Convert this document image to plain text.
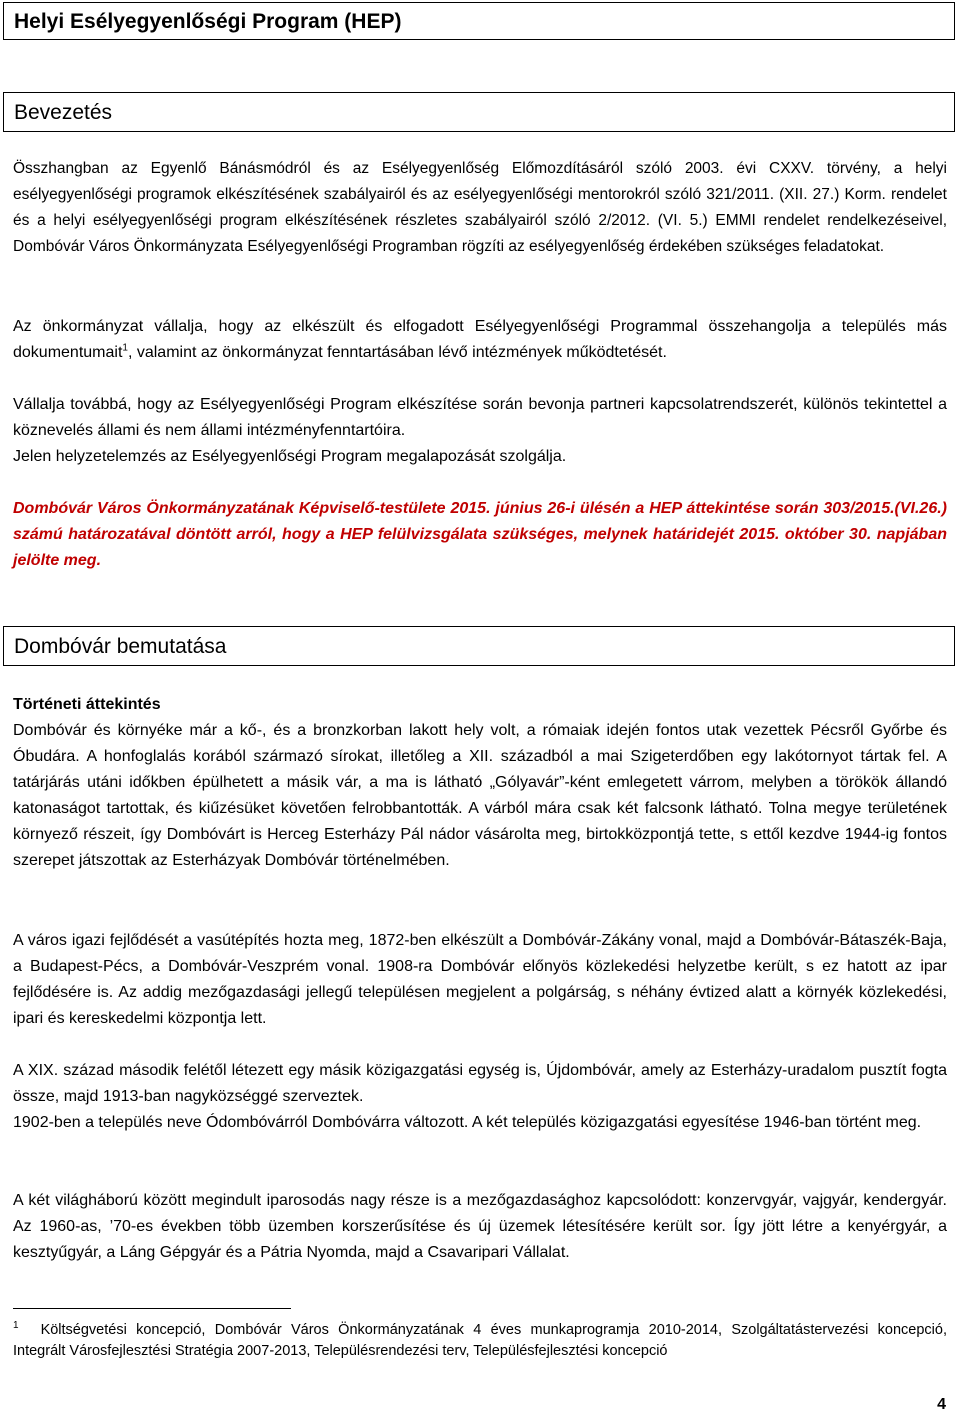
Helyi Esélyegyenlőségi Program (HEP)
Bevezetés

Összhangban az Egyenlő Bánásmódról és az Esélyegyenlőség Előmozdításáról szóló 2003. évi CXXV. törvény, a helyi esélyegyenlőségi programok elkészítésének szabályairól és az esélyegyenlőségi mentorokról szóló 321/2011. (XII. 27.) Korm. rendelet és a helyi esélyegyenlőségi program elkészítésének részletes szabályairól szóló 2/2012. (VI. 5.) EMMI rendelet rendelkezéseivel, Dombóvár Város Önkormányzata Esélyegyenlőségi Programban rögzíti az esélyegyenlőség érdekében szükséges feladatokat.

Az önkormányzat vállalja, hogy az elkészült és elfogadott Esélyegyenlőségi Programmal összehangolja a település más dokumentumait$^1$, valamint az önkormányzat fenntartásában lévő intézmények működtetését.

Vállalja továbbá, hogy az Esélyegyenlőségi Program elkészítése során bevonja partneri kapcsolatrendszerét, különös tekintettel a köznevelés állami és nem állami intézményfenntartóira.

Jelen helyzetelemzés az Esélyegyenlőségi Program megalapozását szolgálja.

Dombóvár Város Önkormányzatának Képviselő-testülete 2015. június 26-i ülésén a HEP áttekintése során 303/2015.(VI.26.) számú határozatával döntött arról, hogy a HEP felülvizsgálata szükséges, melynek határidejét 2015. október 30. napjában jelölte meg.

Dombóvár bemutatása

Történeti áttekintés

Dombóvár és környéke már a kő-, és a bronzkorban lakott hely volt, a rómaiak idején fontos utak vezettek Pécsről Győrbe és Óbudára. A honfoglalás korából származó sírokat, illetőleg a XII. századból a mai Szigeterdőben egy lakótornyot tártak fel. A tatárjárás utáni időkben épülhetett a másik vár, a ma is látható „Gólyavár”-ként emlegetett várrom, melyben a törökök állandó katonaságot tartottak, és kiűzésüket követően felrobbantották. A várból mára csak két falcsonk látható. Tolna megye területének környező részeit, így Dombóvárt is Herceg Esterházy Pál nádor vásárolta meg, birtokközpontjá tette, s ettől kezdve 1944-ig fontos szerepet játszottak az Esterházyak Dombóvár történelmében.

A város igazi fejlődését a vasútépítés hozta meg, 1872-ben elkészült a Dombóvár-Zákány vonal, majd a Dombóvár-Bátaszék-Baja, a Budapest-Pécs, a Dombóvár-Veszprém vonal. 1908-ra Dombóvár előnyös közlekedési helyzetbe került, s ez hatott az ipar fejlődésére is. Az addig mezőgazdasági jellegű településen megjelent a polgárság, s néhány évtized alatt a környék közlekedési, ipari és kereskedelmi központja lett.

A XIX. század második felétől létezett egy másik közigazgatási egység is, Újdombóvár, amely az Esterházy-uradalom pusztít fogta össze, majd 1913-ban nagyközséggé szerveztek.

1902-ben a település neve Ódombóvárról Dombóvárra változott. A két település közigazgatási egyesítése 1946-ban történt meg.

A két világháború között megindult iparosodás nagy része is a mezőgazdasághoz kapcsolódott: konzervgyár, vajgyár, kendergyár. Az 1960-as, ’70-es években több üzemben korszerűsítése és új üzemek létesítésére került sor. Így jött létre a kenyérgyár, a kesztyűgyár, a Láng Gépgyár és a Pátria Nyomda, majd a Csavaripari Vállalat.

$^1$ Költségvetési koncepció, Dombóvár Város Önkormányzatának 4 éves munkaprogramja 2010-2014, Szolgáltatástervezési koncepció, Integrált Városfejlesztési Stratégia 2007-2013, Településrendezési terv, Településfejlesztési koncepció

4
